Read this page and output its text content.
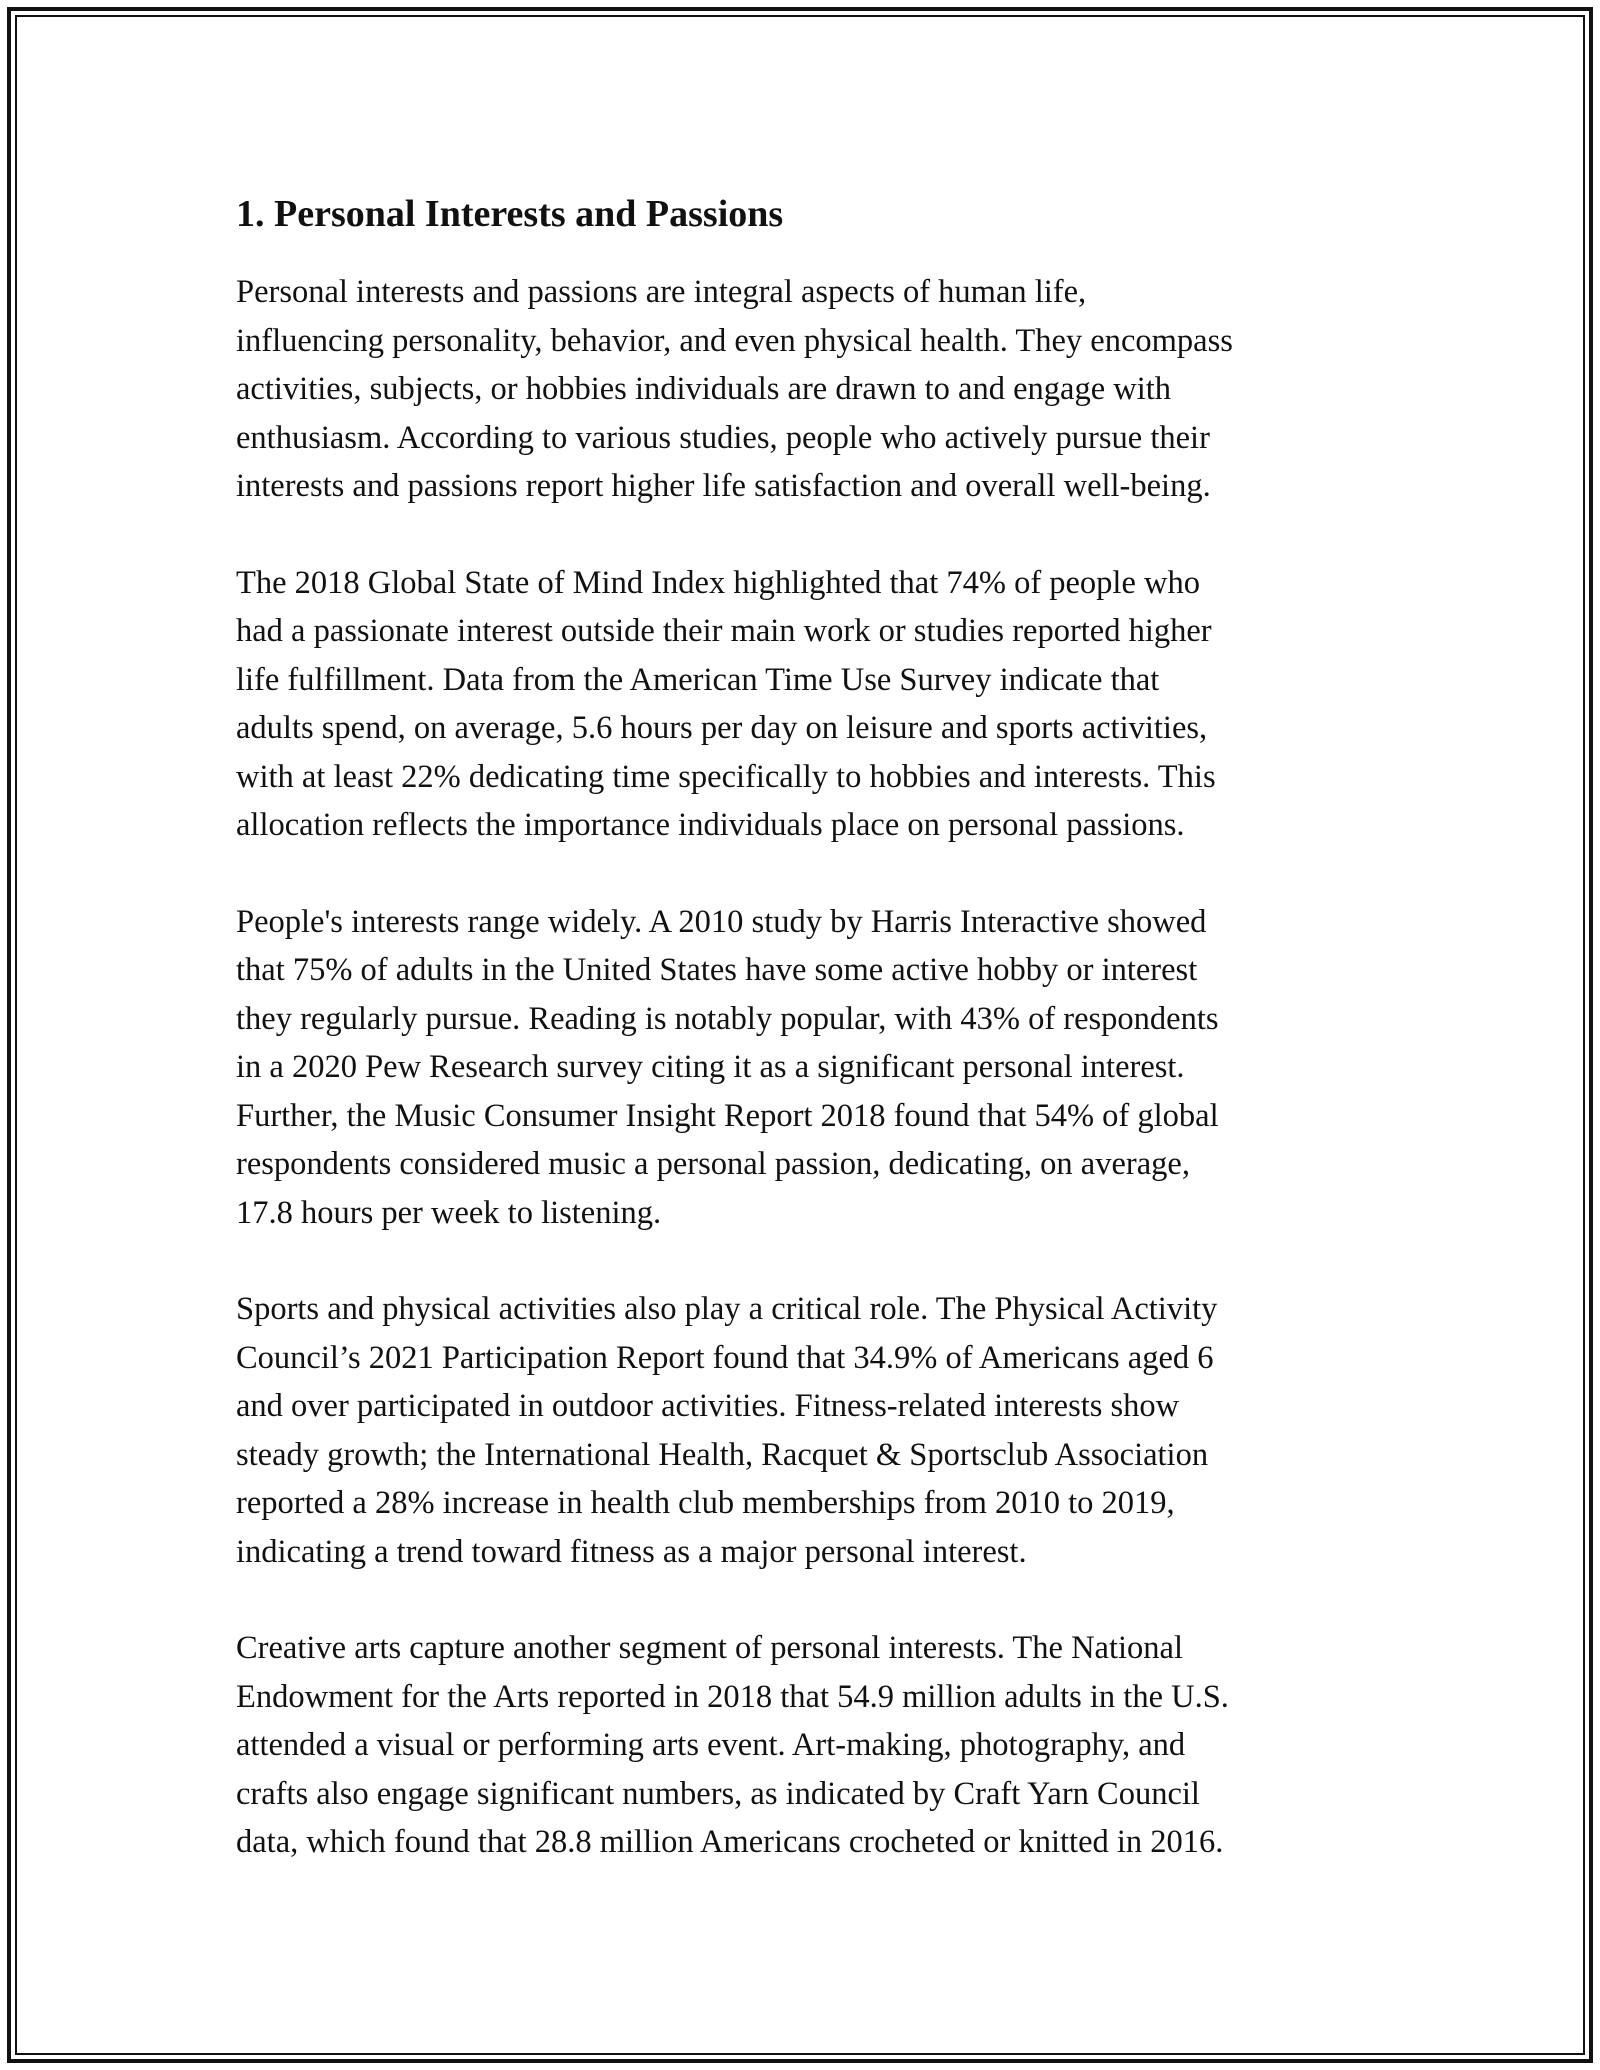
1. Personal Interests and Passions

Personal interests and passions are integral aspects of human life,
influencing personality, behavior, and even physical health. They encompass
activities, subjects, or hobbies individuals are drawn to and engage with
enthusiasm. According to various studies, people who actively pursue their
interests and passions report higher life satisfaction and overall well-being.

The 2018 Global State of Mind Index highlighted that 74% of people who
had a passionate interest outside their main work or studies reported higher
life fulfillment. Data from the American Time Use Survey indicate that
adults spend, on average, 5.6 hours per day on leisure and sports activities,
with at least 22% dedicating time specifically to hobbies and interests. This
allocation reflects the importance individuals place on personal passions.

People's interests range widely. A 2010 study by Harris Interactive showed
that 75% of adults in the United States have some active hobby or interest
they regularly pursue. Reading is notably popular, with 43% of respondents
in a 2020 Pew Research survey citing it as a significant personal interest.
Further, the Music Consumer Insight Report 2018 found that 54% of global
respondents considered music a personal passion, dedicating, on average,
17.8 hours per week to listening.

Sports and physical activities also play a critical role. The Physical Activity
Council’s 2021 Participation Report found that 34.9% of Americans aged 6
and over participated in outdoor activities. Fitness-related interests show
steady growth; the International Health, Racquet & Sportsclub Association
reported a 28% increase in health club memberships from 2010 to 2019,
indicating a trend toward fitness as a major personal interest.

Creative arts capture another segment of personal interests. The National
Endowment for the Arts reported in 2018 that 54.9 million adults in the U.S.
attended a visual or performing arts event. Art-making, photography, and
crafts also engage significant numbers, as indicated by Craft Yarn Council
data, which found that 28.8 million Americans crocheted or knitted in 2016.
